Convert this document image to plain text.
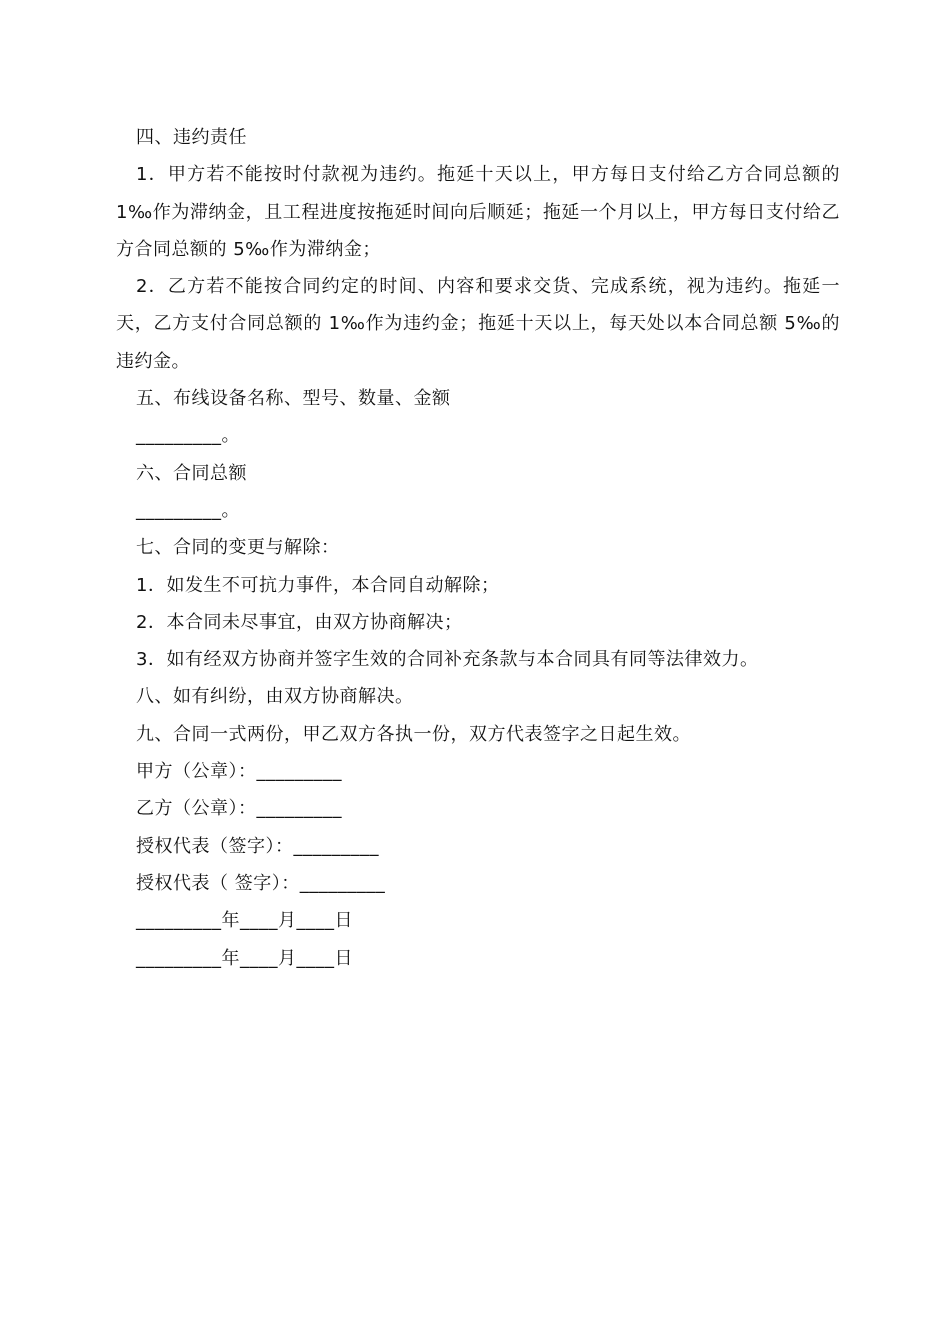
四、违约责任
1．甲方若不能按时付款视为违约。拖延十天以上，甲方每日支付给乙方合同总额的1‰作为滞纳金，且工程进度按拖延时间向后顺延；拖延一个月以上，甲方每日支付给乙方合同总额的 5‰作为滞纳金；
2．乙方若不能按合同约定的时间、内容和要求交货、完成系统，视为违约。拖延一天，乙方支付合同总额的 1‰作为违约金；拖延十天以上，每天处以本合同总额 5‰的违约金。
五、布线设备名称、型号、数量、金额
_________。
六、合同总额
_________。
七、合同的变更与解除：
1．如发生不可抗力事件，本合同自动解除；
2．本合同未尽事宜，由双方协商解决；
3．如有经双方协商并签字生效的合同补充条款与本合同具有同等法律效力。
八、如有纠纷，由双方协商解决。
九、合同一式两份，甲乙双方各执一份，双方代表签字之日起生效。
甲方（公章）：_________
乙方（公章）：_________
授权代表（签字）：_________
授权代表（ 签字）：_________
_________年____月____日
_________年____月____日
